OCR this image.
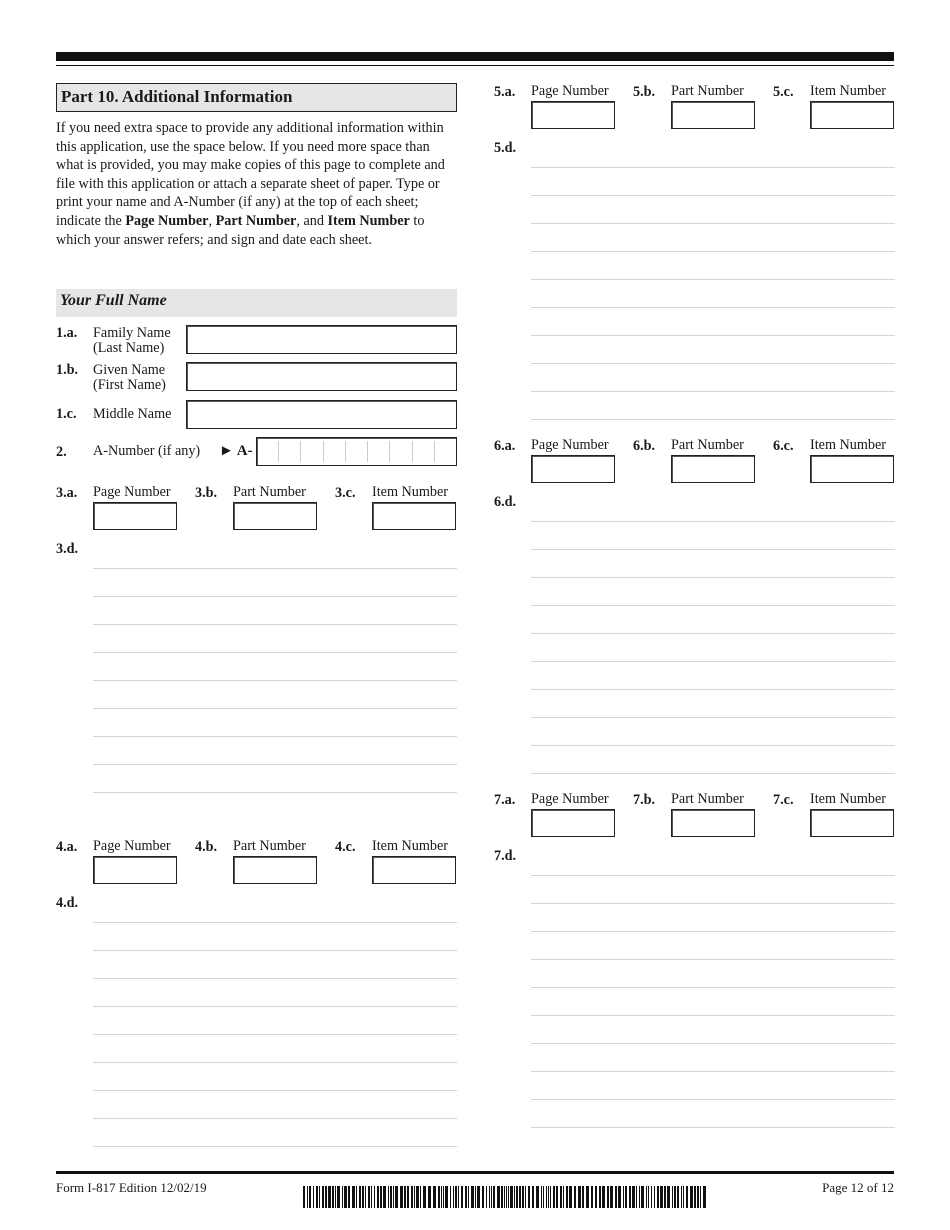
Part 10. Additional Information
If you need extra space to provide any additional information within this application, use the space below. If you need more space than what is provided, you may make copies of this page to complete and file with this application or attach a separate sheet of paper. Type or print your name and A-Number (if any) at the top of each sheet; indicate the Page Number, Part Number, and Item Number to which your answer refers; and sign and date each sheet.
Your Full Name
1.a. Family Name
(Last Name)
1.b. Given Name
(First Name)
1.c. Middle Name
2. A-Number (if any) ► A-
3.a. Page Number 3.b. Part Number 3.c. Item Number
3.d.
4.a. Page Number 4.b. Part Number 4.c. Item Number
4.d.
5.a. Page Number 5.b. Part Number 5.c. Item Number
5.d.
6.a. Page Number 6.b. Part Number 6.c. Item Number
6.d.
7.a. Page Number 7.b. Part Number 7.c. Item Number
7.d.
Form I-817 Edition 12/02/19	Page 12 of 12
